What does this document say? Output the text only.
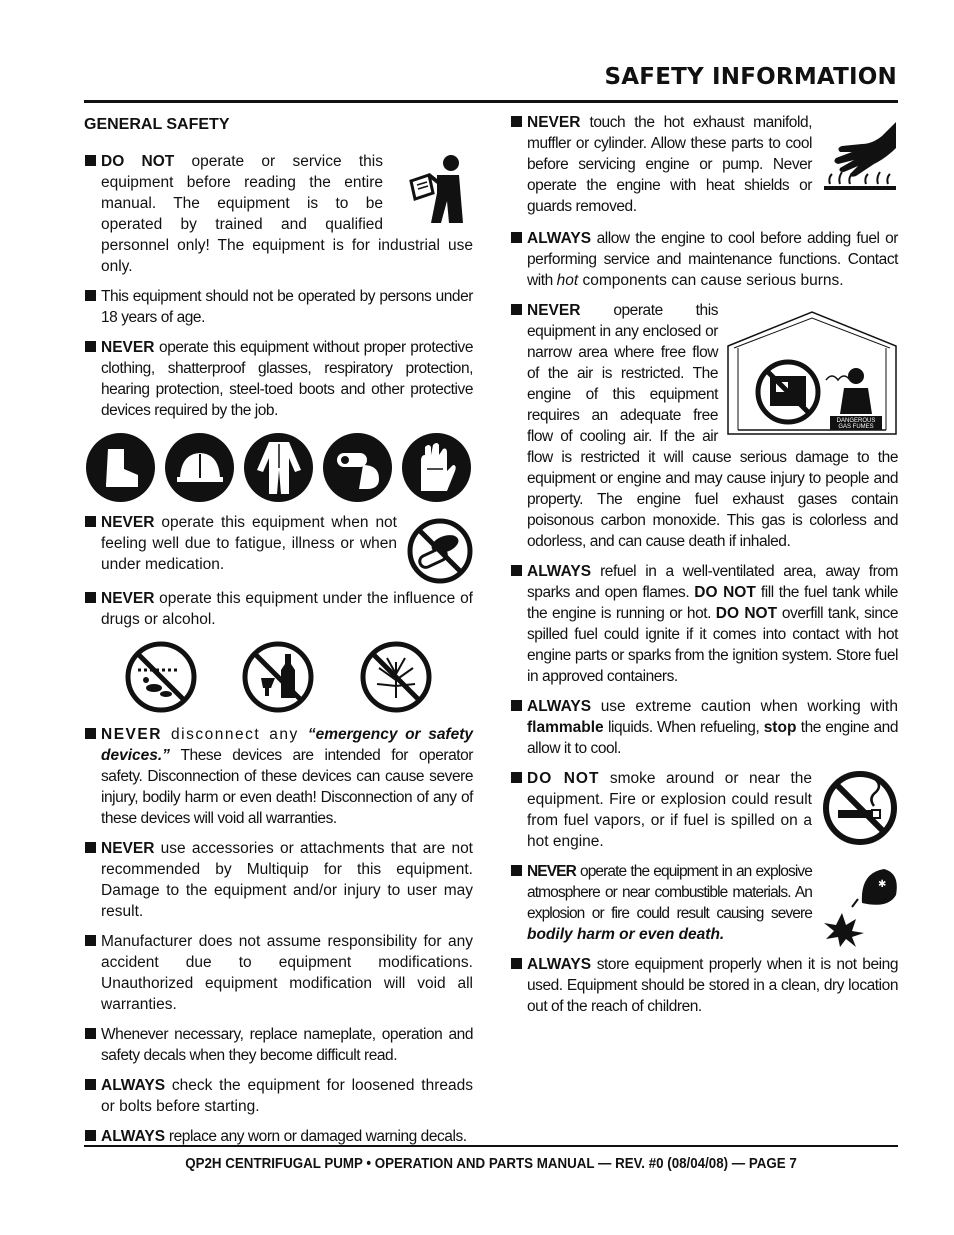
SAFETY INFORMATION
GENERAL SAFETY
DO NOT operate or service this equipment before reading the entire manual. The equipment is to be operated by trained and qualified personnel only! The equipment is for industrial use only.
This equipment should not be operated by persons under 18 years of age.
NEVER operate this equipment without proper protective clothing, shatterproof glasses, respiratory protection, hearing protection, steel-toed boots and other protective devices required by the job.
NEVER operate this equipment when not feeling well due to fatigue, illness or when under medication.
NEVER operate this equipment under the influence of drugs or alcohol.
NEVER disconnect any “emergency or safety devices.” These devices are intended for operator safety. Disconnection of these devices can cause severe injury, bodily harm or even death! Disconnection of any of these devices will void all warranties.
NEVER use accessories or attachments that are not recommended by Multiquip for this equipment. Damage to the equipment and/or injury to user may result.
Manufacturer does not assume responsibility for any accident due to equipment modifications. Unauthorized equipment modification will void all warranties.
Whenever necessary, replace nameplate, operation and safety decals when they become difficult read.
ALWAYS check the equipment for loosened threads or bolts before starting.
ALWAYS replace any worn or damaged warning decals.
NEVER touch the hot exhaust manifold, muffler or cylinder. Allow these parts to cool before servicing engine or pump. Never operate the engine with heat shields or guards removed.
ALWAYS allow the engine to cool before adding fuel or performing service and maintenance functions. Contact with hot components can cause serious burns.
DANGEROUS
GAS FUMES
NEVER operate this equipment in any enclosed or narrow area where free flow of the air is restricted. The engine of this equipment requires an adequate free flow of cooling air. If the air flow is restricted it will cause serious damage to the equipment or engine and may cause injury to people and property. The engine fuel exhaust gases contain poisonous carbon monoxide. This gas is colorless and odorless, and can cause death if inhaled.
ALWAYS refuel in a well-ventilated area, away from sparks and open flames. DO NOT fill the fuel tank while the engine is running or hot. DO NOT overfill tank, since spilled fuel could ignite if it comes into contact with hot engine parts or sparks from the ignition system. Store fuel in approved containers.
ALWAYS use extreme caution when working with flammable liquids. When refueling, stop the engine and allow it to cool.
DO NOT smoke around or near the equipment. Fire or explosion could result from fuel vapors, or if fuel is spilled on a hot engine.
✱
NEVER operate the equipment in an explosive atmosphere or near combustible materials. An explosion or fire could result causing severe bodily harm or even death.
ALWAYS store equipment properly when it is not being used. Equipment should be stored in a clean, dry location out of the reach of children.
QP2H CENTRIFUGAL PUMP • OPERATION AND PARTS MANUAL — REV. #0 (08/04/08) — PAGE 7
